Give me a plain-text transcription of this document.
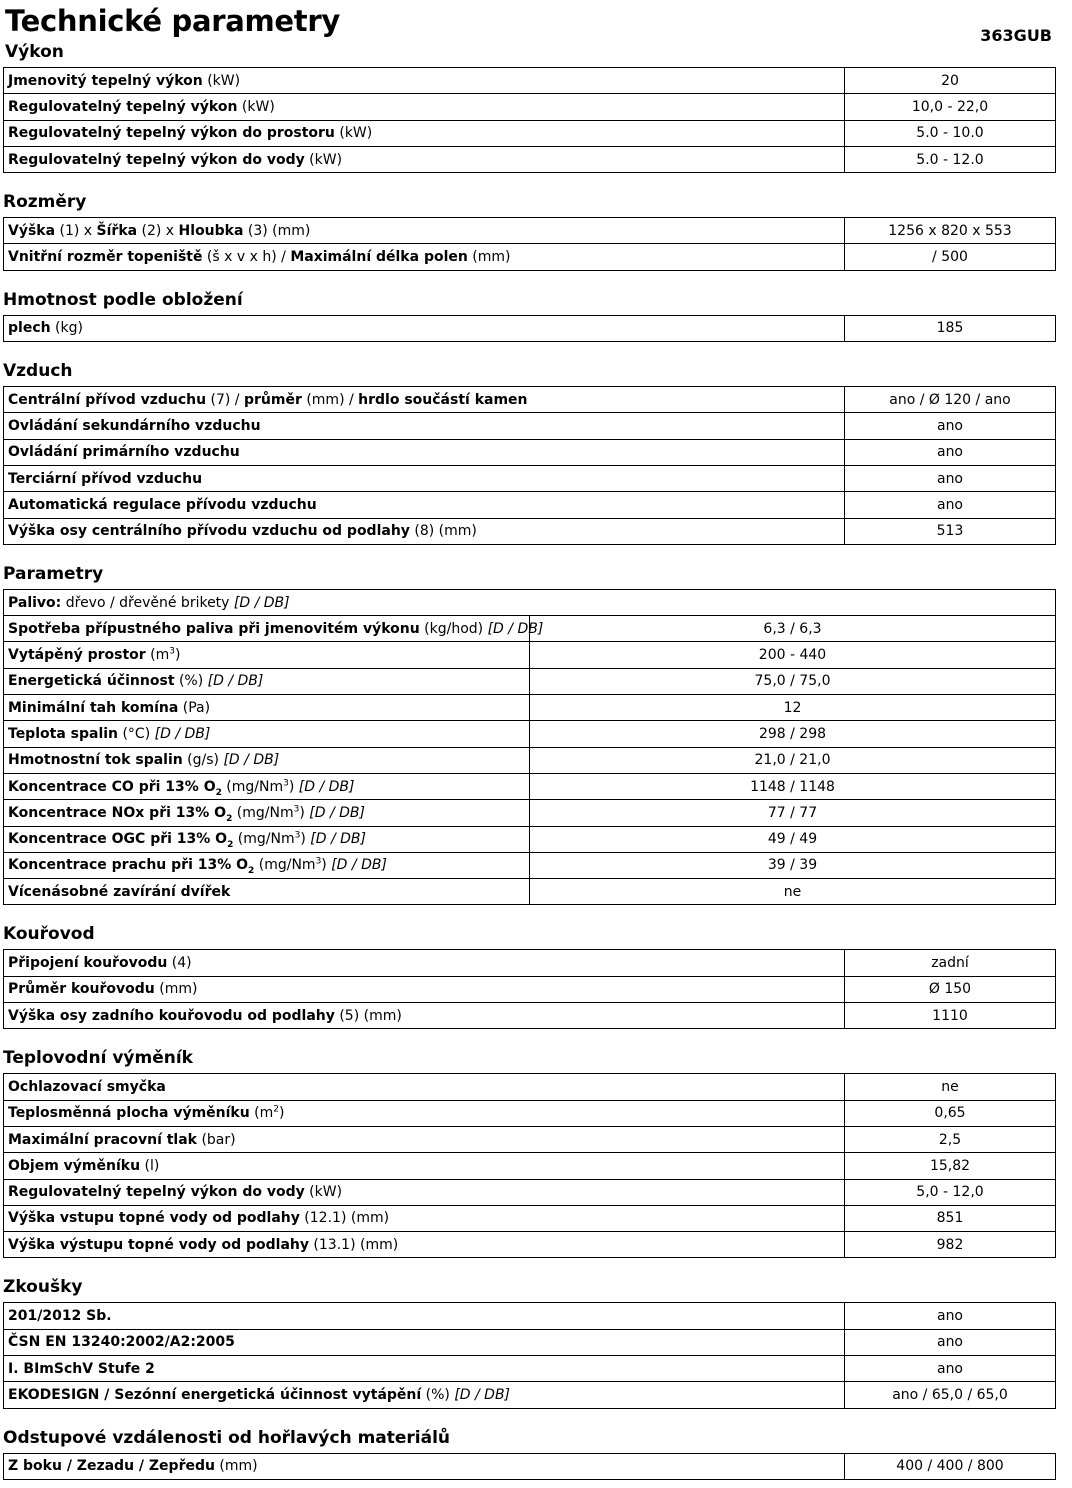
Technické parametry	363GUB
Výkon
Jmenovitý tepelný výkon (kW)	20
Regulovatelný tepelný výkon (kW)	10,0 - 22,0
Regulovatelný tepelný výkon do prostoru (kW)	5.0 - 10.0
Regulovatelný tepelný výkon do vody (kW)	5.0 - 12.0
Rozměry
Výška (1) x Šířka (2) x Hloubka (3) (mm)	1256 x 820 x 553
Vnitřní rozměr topeniště (š x v x h) / Maximální délka polen (mm)	/ 500
Hmotnost podle obložení
plech (kg)	185
Vzduch
Centrální přívod vzduchu (7) / průměr (mm) / hrdlo součástí kamen	ano / Ø 120 / ano
Ovládání sekundárního vzduchu	ano
Ovládání primárního vzduchu	ano
Terciární přívod vzduchu	ano
Automatická regulace přívodu vzduchu	ano
Výška osy centrálního přívodu vzduchu od podlahy (8) (mm)	513
Parametry
Palivo: dřevo / dřevěné brikety [D / DB]	
Spotřeba přípustného paliva při jmenovitém výkonu (kg/hod) [D / DB]	6,3 / 6,3
Vytápěný prostor $(m^3)$	200 - 440
Energetická účinnost (%) [D / DB]	75,0 / 75,0
Minimální tah komína (Pa)	12
Teplota spalin (°C) [D / DB]	298 / 298
Hmotnostní tok spalin (g/s) [D / DB]	21,0 / 21,0
Koncentrace CO při 13% $O_2$ (mg/Nm$^3$) [D / DB]	1148 / 1148
Koncentrace NOx při 13% $O_2$ (mg/Nm$^3$) [D / DB]	77 / 77
Koncentrace OGC při 13% $O_2$ (mg/Nm$^3$) [D / DB]	49 / 49
Koncentrace prachu při 13% $O_2$ (mg/Nm$^3$) [D / DB]	39 / 39
Vícenásobné zavírání dvířek	ne
Kouřovod
Připojení kouřovodu (4)	zadní
Průměr kouřovodu (mm)	Ø 150
Výška osy zadního kouřovodu od podlahy (5) (mm)	1110
Teplovodní výměník
Ochlazovací smyčka	ne
Teplosměnná plocha výměníku $(m^2)$	0,65
Maximální pracovní tlak (bar)	2,5
Objem výměníku (l)	15,82
Regulovatelný tepelný výkon do vody (kW)	5,0 - 12,0
Výška vstupu topné vody od podlahy (12.1) (mm)	851
Výška výstupu topné vody od podlahy (13.1) (mm)	982
Zkoušky
201/2012 Sb.	ano
ČSN EN 13240:2002/A2:2005	ano
I. BImSchV Stufe 2	ano
EKODESIGN / Sezónní energetická účinnost vytápění (%) [D / DB]	ano / 65,0 / 65,0
Odstupové vzdálenosti od hořlavých materiálů
Z boku / Zezadu / Zepředu (mm)	400 / 400 / 800
